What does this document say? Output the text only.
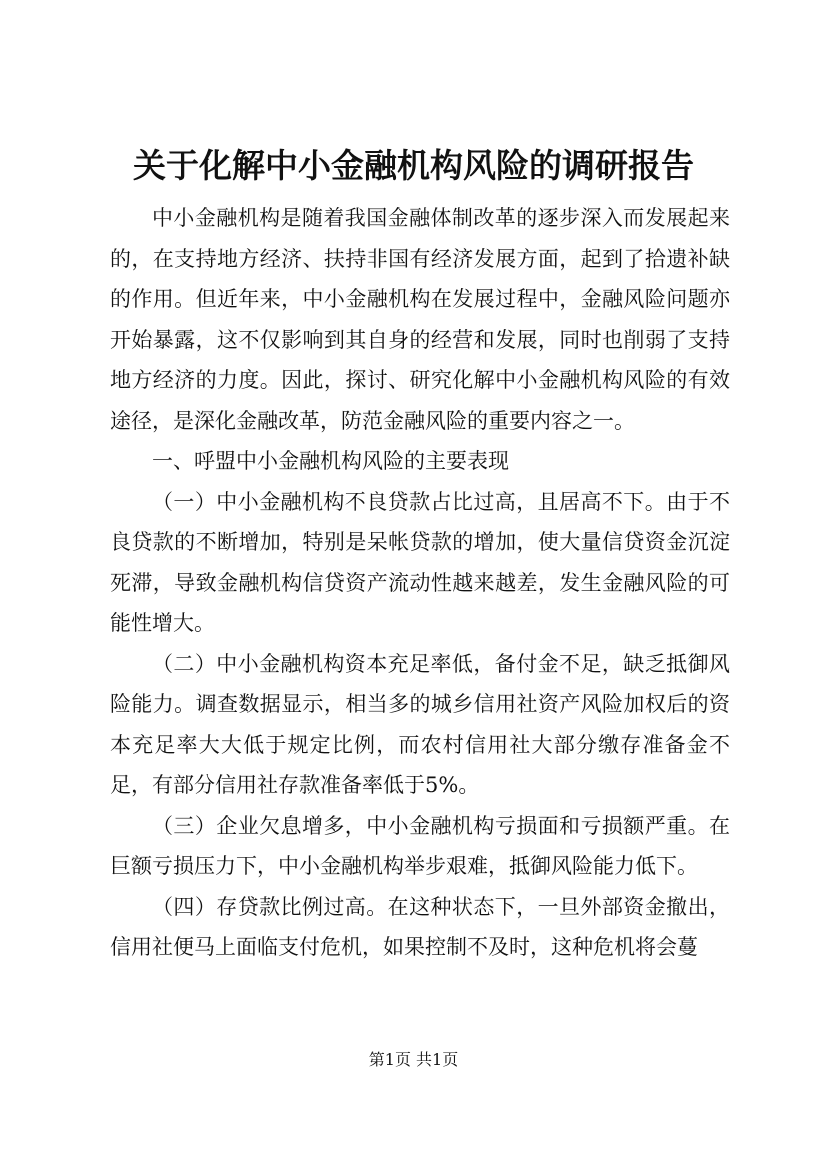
关于化解中小金融机构风险的调研报告

中小金融机构是随着我国金融体制改革的逐步深入而发展起来的，在支持地方经济、扶持非国有经济发展方面，起到了拾遗补缺的作用。但近年来，中小金融机构在发展过程中，金融风险问题亦开始暴露，这不仅影响到其自身的经营和发展，同时也削弱了支持地方经济的力度。因此，探讨、研究化解中小金融机构风险的有效途径，是深化金融改革，防范金融风险的重要内容之一。

一、呼盟中小金融机构风险的主要表现

（一）中小金融机构不良贷款占比过高，且居高不下。由于不良贷款的不断增加，特别是呆帐贷款的增加，使大量信贷资金沉淀死滞，导致金融机构信贷资产流动性越来越差，发生金融风险的可能性增大。

（二）中小金融机构资本充足率低，备付金不足，缺乏抵御风险能力。调查数据显示，相当多的城乡信用社资产风险加权后的资本充足率大大低于规定比例，而农村信用社大部分缴存准备金不足，有部分信用社存款准备率低于5%。

（三）企业欠息增多，中小金融机构亏损面和亏损额严重。在巨额亏损压力下，中小金融机构举步艰难，抵御风险能力低下。

（四）存贷款比例过高。在这种状态下，一旦外部资金撤出，信用社便马上面临支付危机，如果控制不及时，这种危机将会蔓

第1页 共1页
